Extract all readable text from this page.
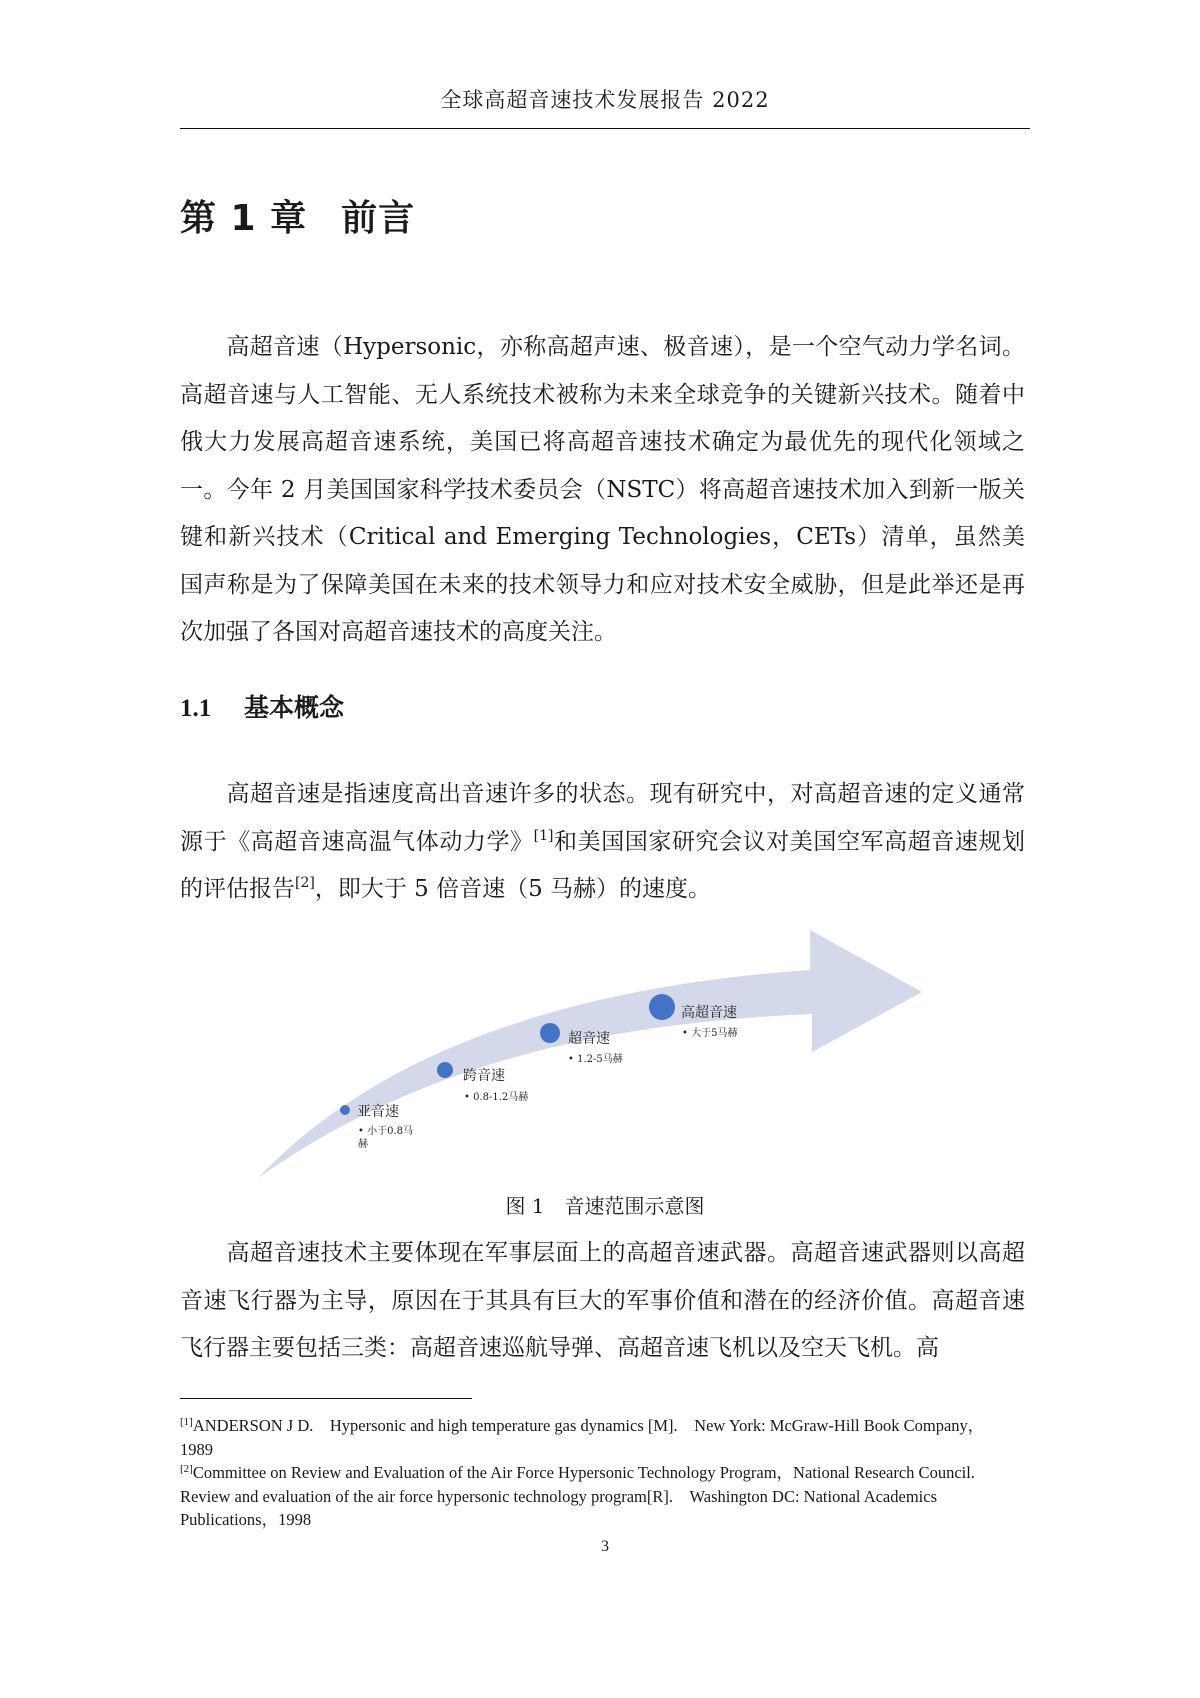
全球高超音速技术发展报告 2022
第 1 章 前言
高超音速（Hypersonic，亦称高超声速、极音速），是一个空气动力学名词。高超音速与人工智能、无人系统技术被称为未来全球竞争的关键新兴技术。随着中俄大力发展高超音速系统，美国已将高超音速技术确定为最优先的现代化领域之一。今年 2 月美国国家科学技术委员会（NSTC）将高超音速技术加入到新一版关键和新兴技术（Critical and Emerging Technologies，CETs）清单，虽然美国声称是为了保障美国在未来的技术领导力和应对技术安全威胁，但是此举还是再次加强了各国对高超音速技术的高度关注。
1.1 基本概念
高超音速是指速度高出音速许多的状态。现有研究中，对高超音速的定义通常源于《高超音速高温气体动力学》[1]和美国国家研究会议对美国空军高超音速规划的评估报告[2]，即大于 5 倍音速（5 马赫）的速度。
亚音速
• 小于0.8马赫
跨音速
• 0.8-1.2马赫
超音速
• 1.2-5马赫
高超音速
• 大于5马赫
图 1　音速范围示意图
高超音速技术主要体现在军事层面上的高超音速武器。高超音速武器则以高超音速飞行器为主导，原因在于其具有巨大的军事价值和潜在的经济价值。高超音速飞行器主要包括三类：高超音速巡航导弹、高超音速飞机以及空天飞机。高

[1]ANDERSON J D.　Hypersonic and high temperature gas dynamics [M].　New York: McGraw-Hill Book Company，1989

[2]Committee on Review and Evaluation of the Air Force Hypersonic Technology Program，National Research Council.　Review and evaluation of the air force hypersonic technology program[R].　Washington DC: National Academics Publications，1998

3
